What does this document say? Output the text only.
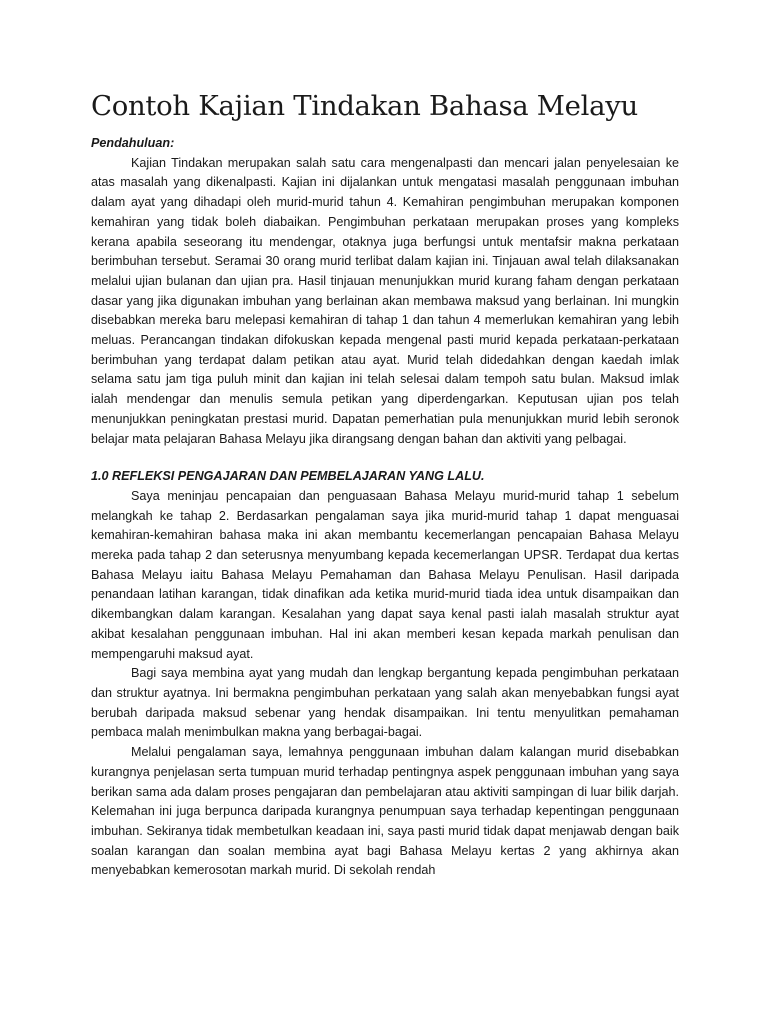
Contoh Kajian Tindakan Bahasa Melayu

Pendahuluan:

Kajian Tindakan merupakan salah satu cara mengenalpasti dan mencari jalan penyelesaian ke atas masalah yang dikenalpasti. Kajian ini dijalankan untuk mengatasi masalah penggunaan imbuhan dalam ayat yang dihadapi oleh murid-murid tahun 4. Kemahiran pengimbuhan merupakan komponen kemahiran yang tidak boleh diabaikan. Pengimbuhan perkataan merupakan proses yang kompleks kerana apabila seseorang itu mendengar, otaknya juga berfungsi untuk mentafsir makna perkataan berimbuhan tersebut. Seramai 30 orang murid terlibat dalam kajian ini. Tinjauan awal telah dilaksanakan melalui ujian bulanan dan ujian pra. Hasil tinjauan menunjukkan murid kurang faham dengan perkataan dasar yang jika digunakan imbuhan yang berlainan akan membawa maksud yang berlainan. Ini mungkin disebabkan mereka baru melepasi kemahiran di tahap 1 dan tahun 4 memerlukan kemahiran yang lebih meluas. Perancangan tindakan difokuskan kepada mengenal pasti murid kepada perkataan-perkataan berimbuhan yang terdapat dalam petikan atau ayat. Murid telah didedahkan dengan kaedah imlak selama satu jam tiga puluh minit dan kajian ini telah selesai dalam tempoh satu bulan. Maksud imlak ialah mendengar dan menulis semula petikan yang diperdengarkan. Keputusan ujian pos telah menunjukkan peningkatan prestasi murid. Dapatan pemerhatian pula menunjukkan murid lebih seronok belajar mata pelajaran Bahasa Melayu jika dirangsang dengan bahan dan aktiviti yang pelbagai.

1.0 REFLEKSI PENGAJARAN DAN PEMBELAJARAN YANG LALU.

Saya meninjau pencapaian dan penguasaan Bahasa Melayu murid-murid tahap 1 sebelum melangkah ke tahap 2. Berdasarkan pengalaman saya jika murid-murid tahap 1 dapat menguasai kemahiran-kemahiran bahasa maka ini akan membantu kecemerlangan pencapaian Bahasa Melayu mereka pada tahap 2 dan seterusnya menyumbang kepada kecemerlangan UPSR. Terdapat dua kertas Bahasa Melayu iaitu Bahasa Melayu Pemahaman dan Bahasa Melayu Penulisan. Hasil daripada penandaan latihan karangan, tidak dinafikan ada ketika murid-murid tiada idea untuk disampaikan dan dikembangkan dalam karangan. Kesalahan yang dapat saya kenal pasti ialah masalah struktur ayat akibat kesalahan penggunaan imbuhan. Hal ini akan memberi kesan kepada markah penulisan dan mempengaruhi maksud ayat.

Bagi saya membina ayat yang mudah dan lengkap bergantung kepada pengimbuhan perkataan dan struktur ayatnya. Ini bermakna pengimbuhan perkataan yang salah akan menyebabkan fungsi ayat berubah daripada maksud sebenar yang hendak disampaikan. Ini tentu menyulitkan pemahaman pembaca malah menimbulkan makna yang berbagai-bagai.

Melalui pengalaman saya, lemahnya penggunaan imbuhan dalam kalangan murid disebabkan kurangnya penjelasan serta tumpuan murid terhadap pentingnya aspek penggunaan imbuhan yang saya berikan sama ada dalam proses pengajaran dan pembelajaran atau aktiviti sampingan di luar bilik darjah. Kelemahan ini juga berpunca daripada kurangnya penumpuan saya terhadap kepentingan penggunaan imbuhan. Sekiranya tidak membetulkan keadaan ini, saya pasti murid tidak dapat menjawab dengan baik soalan karangan dan soalan membina ayat bagi Bahasa Melayu kertas 2 yang akhirnya akan menyebabkan kemerosotan markah murid. Di sekolah rendah
